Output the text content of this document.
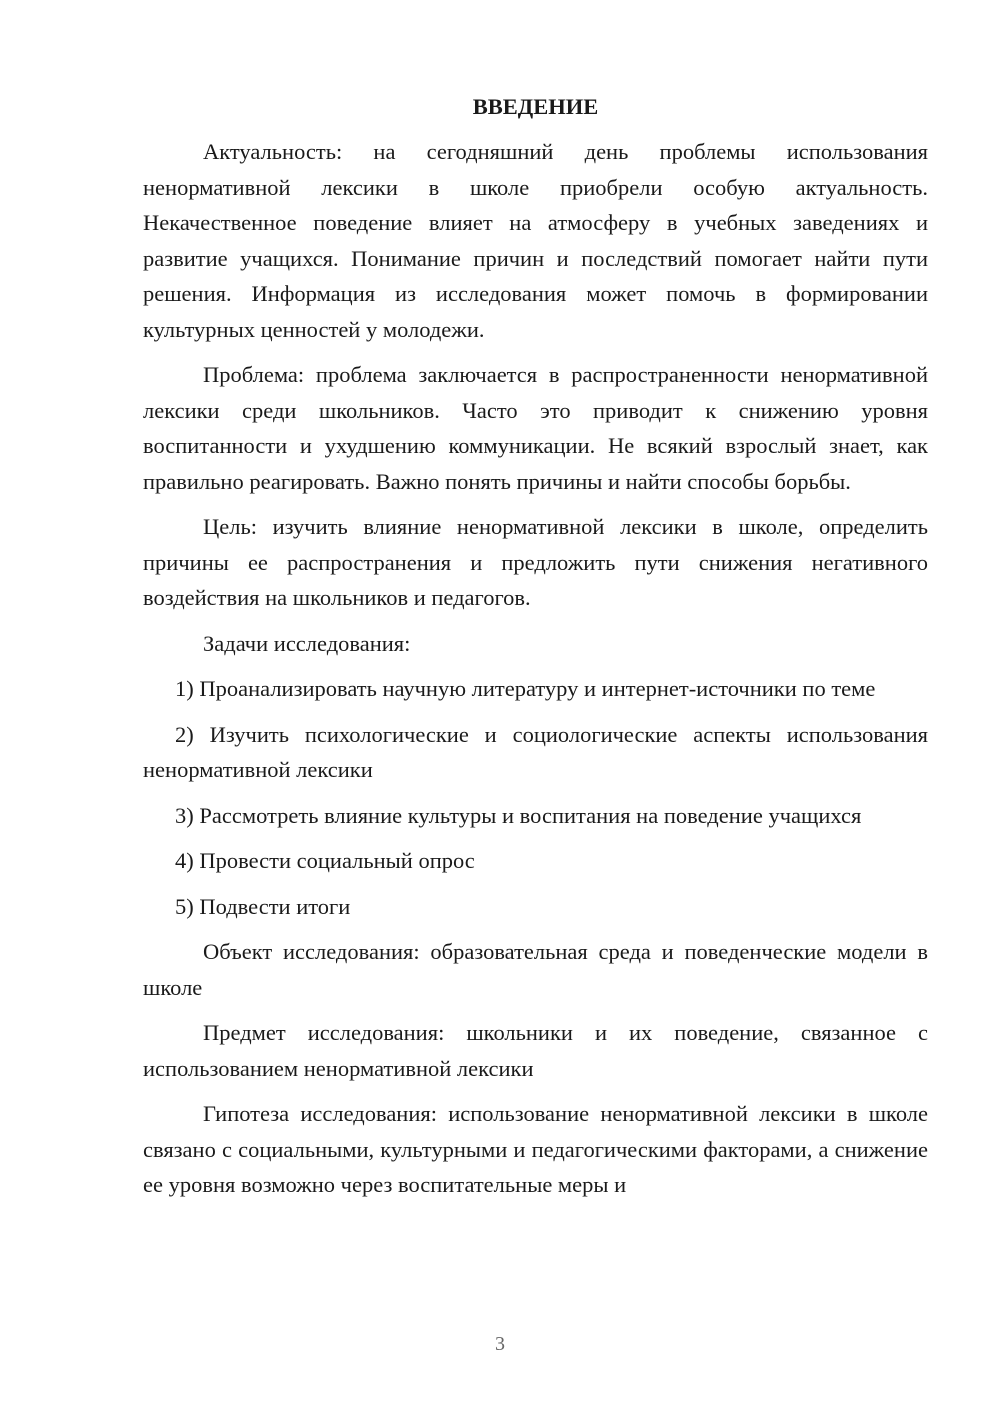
ВВЕДЕНИЕ

Актуальность: на сегодняшний день проблемы использования ненормативной лексики в школе приобрели особую актуальность. Некачественное поведение влияет на атмосферу в учебных заведениях и развитие учащихся. Понимание причин и последствий помогает найти пути решения. Информация из исследования может помочь в формировании культурных ценностей у молодежи.

Проблема: проблема заключается в распространенности ненормативной лексики среди школьников. Часто это приводит к снижению уровня воспитанности и ухудшению коммуникации. Не всякий взрослый знает, как правильно реагировать. Важно понять причины и найти способы борьбы.

Цель: изучить влияние ненормативной лексики в школе, определить причины ее распространения и предложить пути снижения негативного воздействия на школьников и педагогов.

Задачи исследования:

1) Проанализировать научную литературу и интернет-источники по теме

2) Изучить психологические и социологические аспекты использования ненормативной лексики

3) Рассмотреть влияние культуры и воспитания на поведение учащихся

4) Провести социальный опрос

5) Подвести итоги

Объект исследования: образовательная среда и поведенческие модели в школе

Предмет исследования: школьники и их поведение, связанное с использованием ненормативной лексики

Гипотеза исследования: использование ненормативной лексики в школе связано с социальными, культурными и педагогическими факторами, а снижение ее уровня возможно через воспитательные меры и

3
